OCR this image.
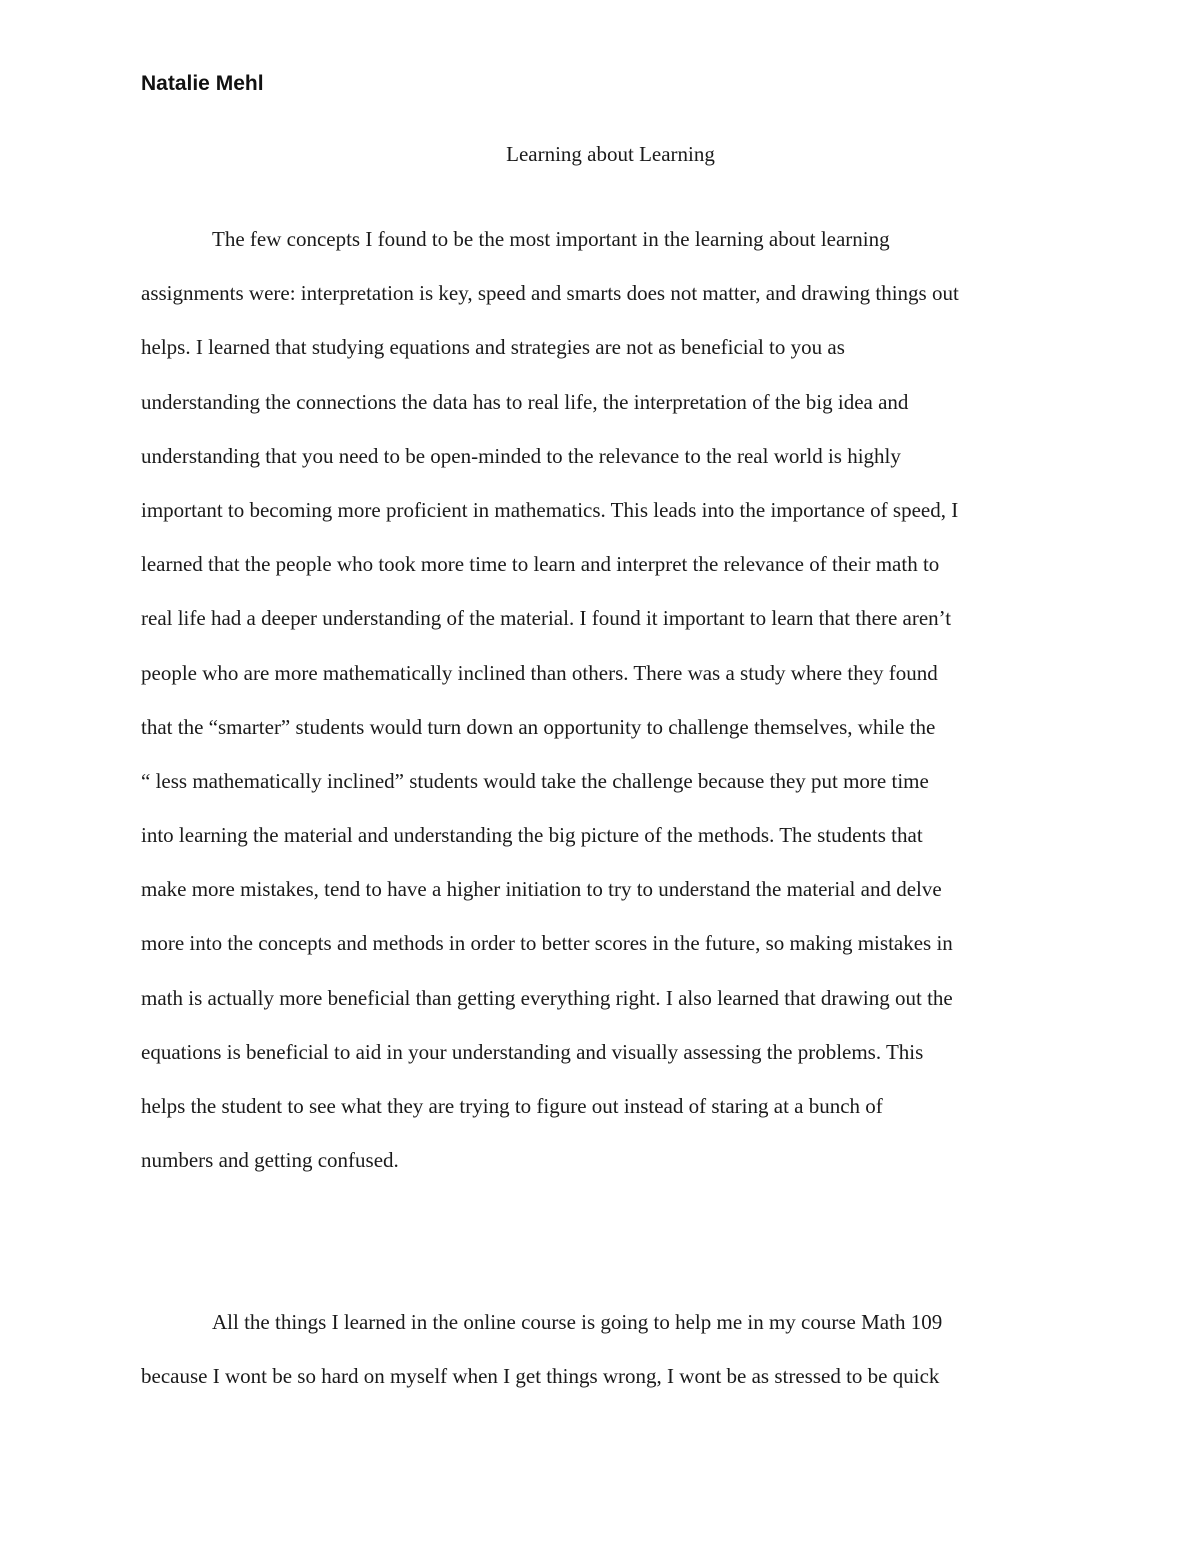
Natalie Mehl
Learning about Learning
The few concepts I found to be the most important in the learning about learning
assignments were: interpretation is key, speed and smarts does not matter, and drawing things out
helps. I learned that studying equations and strategies are not as beneficial to you as
understanding the connections the data has to real life, the interpretation of the big idea and
understanding that you need to be open-minded to the relevance to the real world is highly
important to becoming more proficient in mathematics. This leads into the importance of speed, I
learned that the people who took more time to learn and interpret the relevance of their math to
real life had a deeper understanding of the material. I found it important to learn that there aren’t
people who are more mathematically inclined than others. There was a study where they found
that the “smarter” students would turn down an opportunity to challenge themselves, while the
“ less mathematically inclined” students would take the challenge because they put more time
into learning the material and understanding the big picture of the methods. The students that
make more mistakes, tend to have a higher initiation to try to understand the material and delve
more into the concepts and methods in order to better scores in the future, so making mistakes in
math is actually more beneficial than getting everything right. I also learned that drawing out the
equations is beneficial to aid in your understanding and visually assessing the problems. This
helps the student to see what they are trying to figure out instead of staring at a bunch of
numbers and getting confused.
All the things I learned in the online course is going to help me in my course Math 109
because I wont be so hard on myself when I get things wrong, I wont be as stressed to be quick
